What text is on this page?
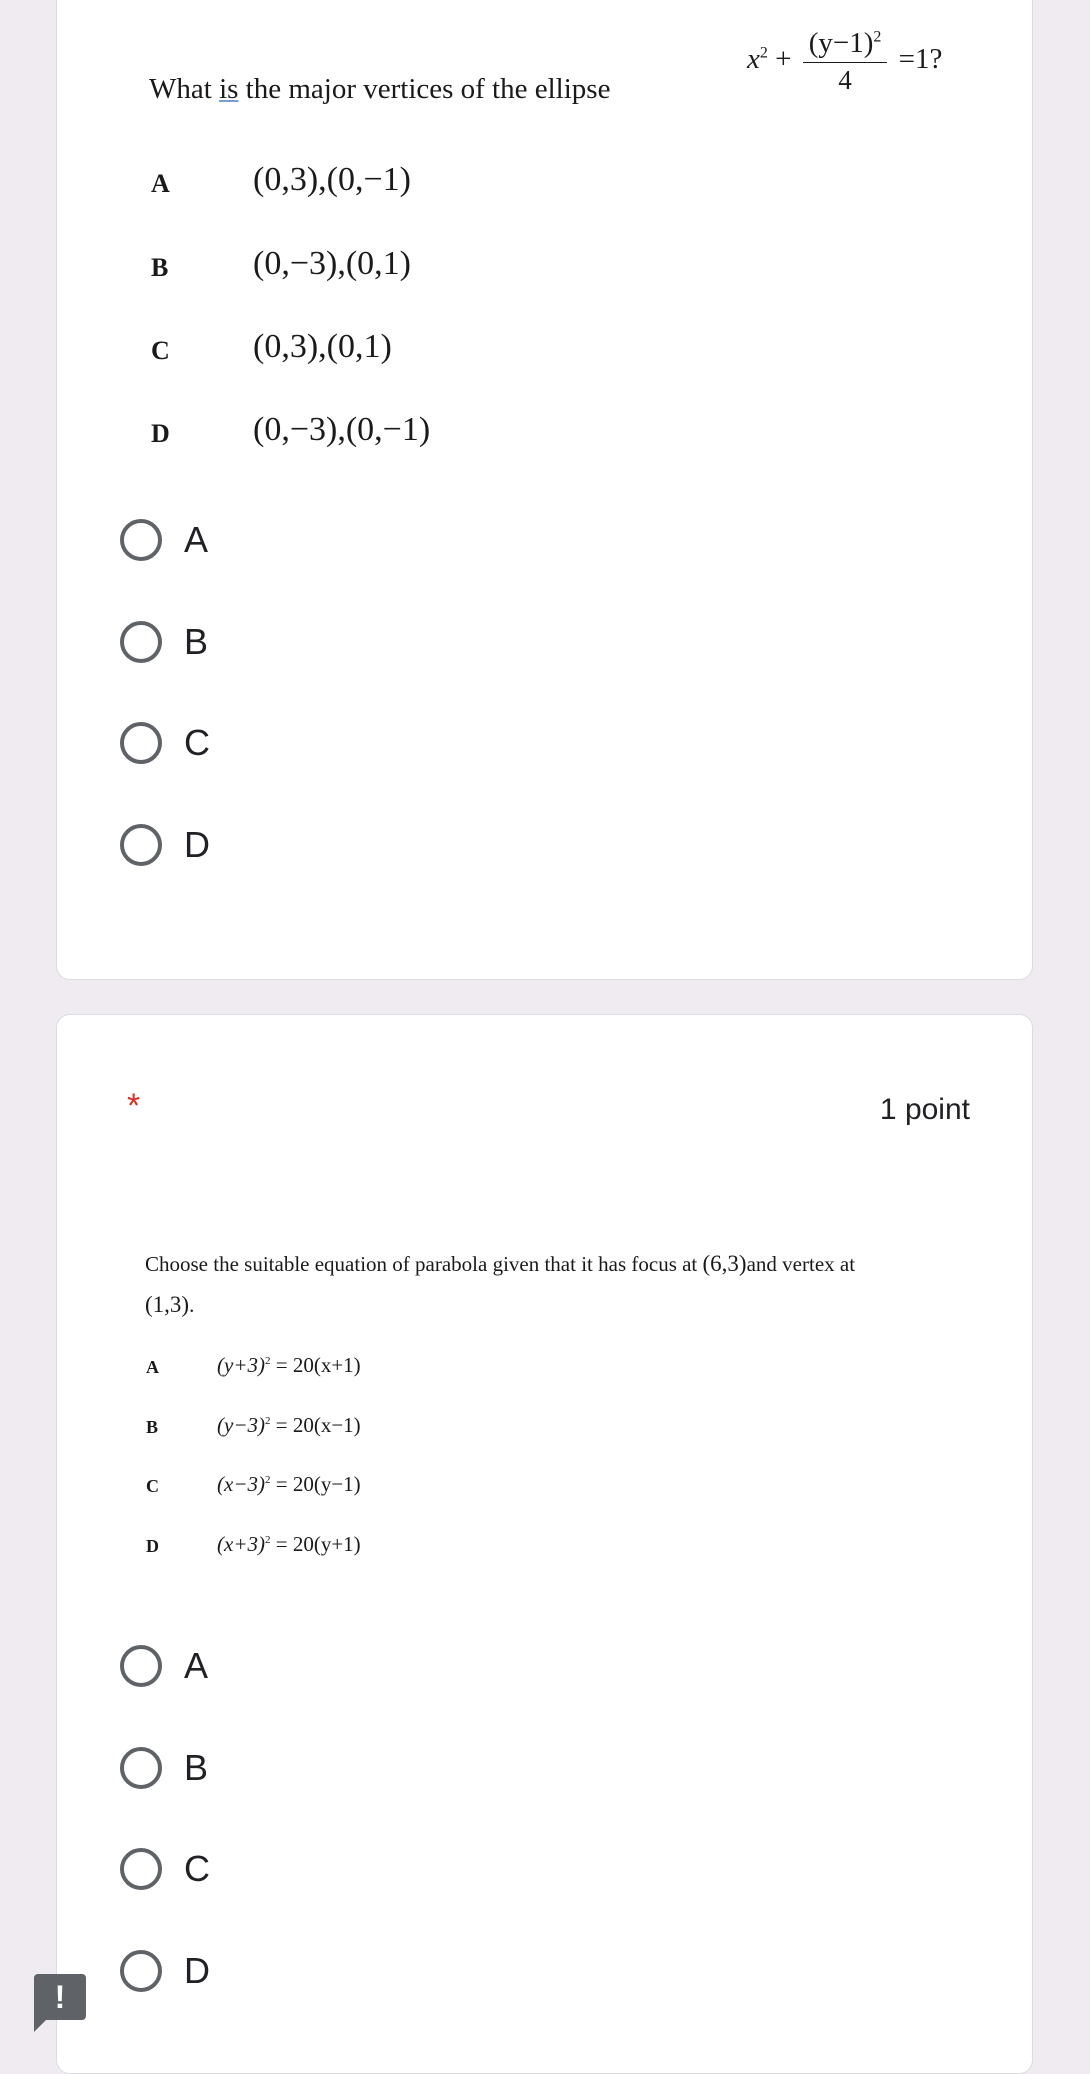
What is the major vertices of the ellipse
$x^2 + \frac{(y-1)^2}{4} =1$?
A (0,3),(0,−1)
B (0,−3),(0,1)
C (0,3),(0,1)
D (0,−3),(0,−1)
A
B
C
D
*	1 point
Choose the suitable equation of parabola given that it has focus at (6,3)and vertex at
(1,3).
A	$(y+3)^2 = 20(x+1)$
B	$(y-3)^2 = 20(x-1)$
C	$(x-3)^2 = 20(y-1)$
D	$(x+3)^2 = 20(y+1)$
A
B
C
D
!
